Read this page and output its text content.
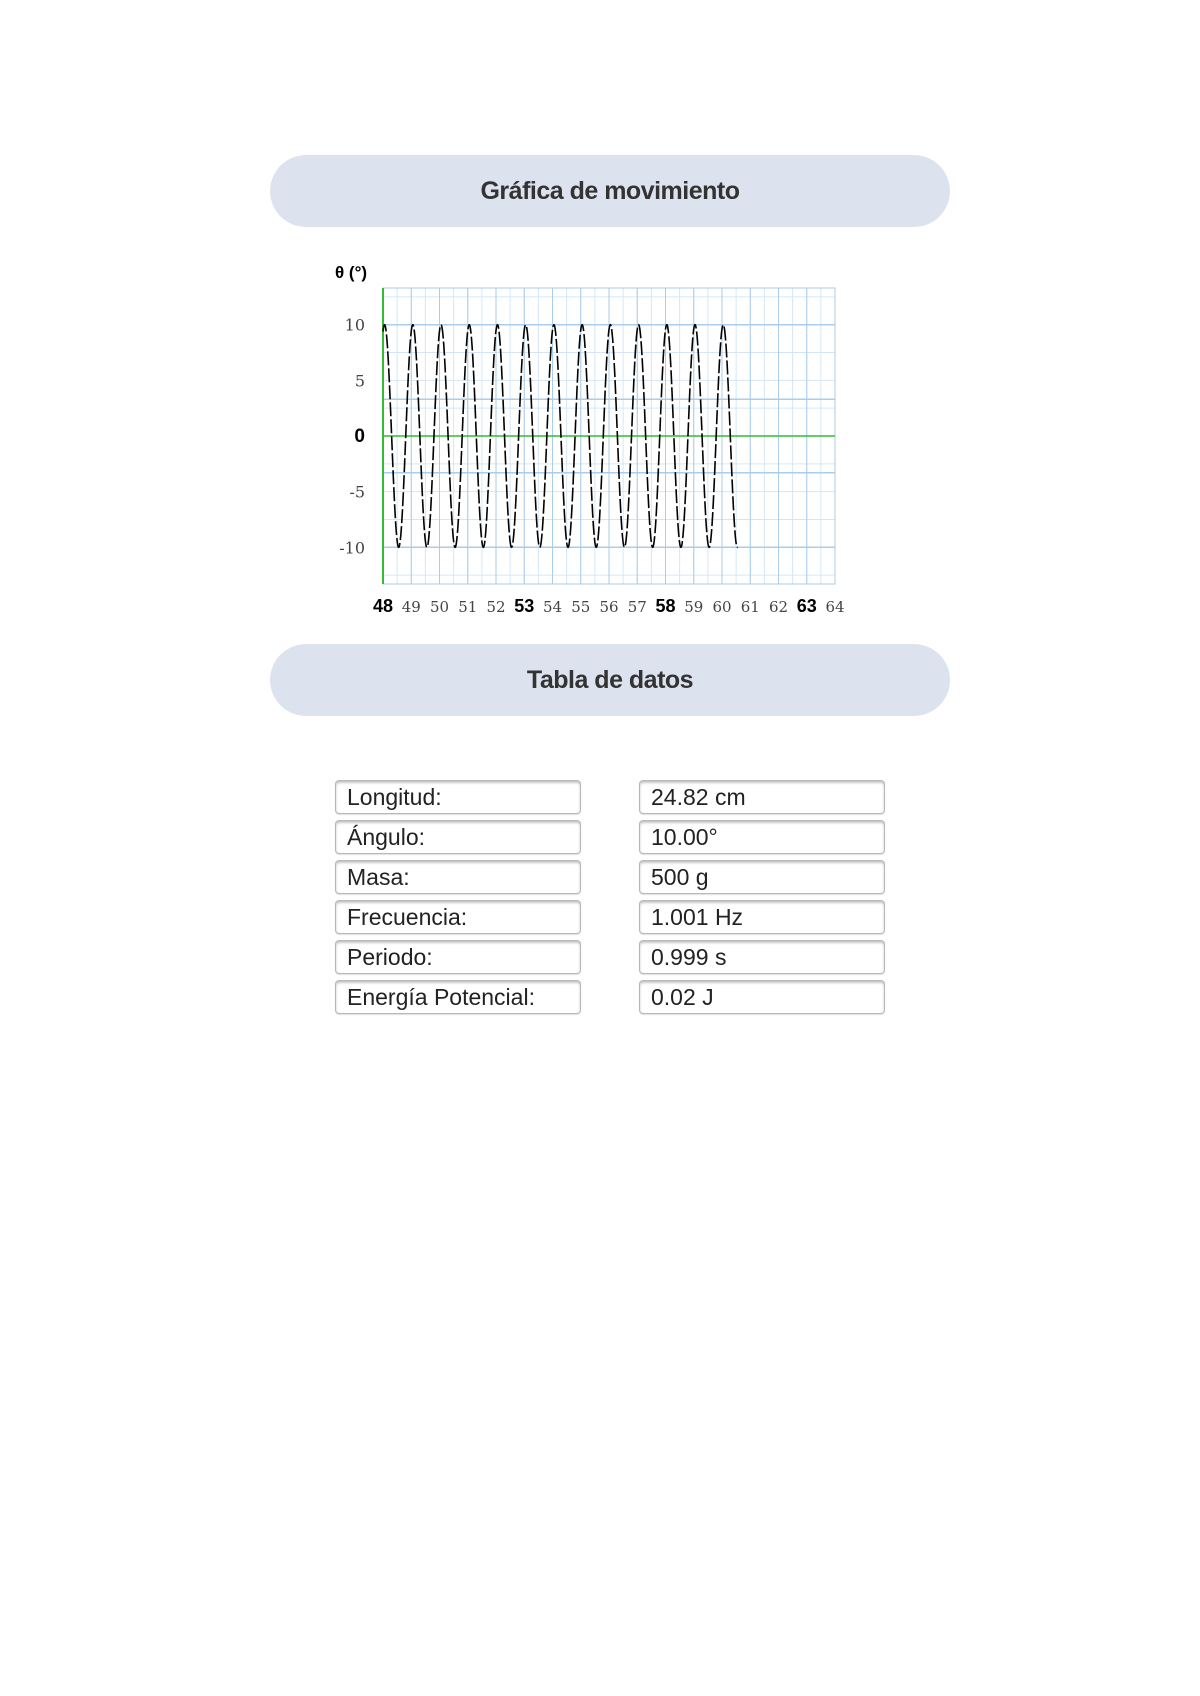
Gráfica de movimiento
10
5
0
-5
-10
48 49 50 51 52 53 54 55 56 57 58 59 60 61 62 63 64
θ (°)
Tabla de datos
Longitud:	24.82 cm
Ángulo:	10.00°
Masa:	500 g
Frecuencia:	1.001 Hz
Periodo:	0.999 s
Energía Potencial:	0.02 J
